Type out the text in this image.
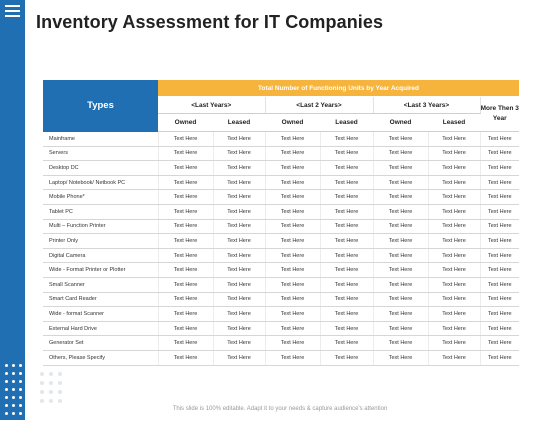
Inventory Assessment for IT Companies
Types	Total Number of Functioning Units by Year Acquired						
	<Last Years>		<Last 2 Years>		<Last 3 Years>		More Then 3 Year
	Owned	Leased	Owned	Leased	Owned	Leased	
Mainframe	Text Here	Text Here	Text Here	Text Here	Text Here	Text Here	Text Here
Servers	Text Here	Text Here	Text Here	Text Here	Text Here	Text Here	Text Here
Desktop DC	Text Here	Text Here	Text Here	Text Here	Text Here	Text Here	Text Here
Laptop/ Notebook/ Netbook PC	Text Here	Text Here	Text Here	Text Here	Text Here	Text Here	Text Here
Mobile Phone*	Text Here	Text Here	Text Here	Text Here	Text Here	Text Here	Text Here
Tablet PC	Text Here	Text Here	Text Here	Text Here	Text Here	Text Here	Text Here
Multi – Function Printer	Text Here	Text Here	Text Here	Text Here	Text Here	Text Here	Text Here
Printer Only	Text Here	Text Here	Text Here	Text Here	Text Here	Text Here	Text Here
Digital Camera	Text Here	Text Here	Text Here	Text Here	Text Here	Text Here	Text Here
Wide - Format Printer or Plotter	Text Here	Text Here	Text Here	Text Here	Text Here	Text Here	Text Here
Small Scanner	Text Here	Text Here	Text Here	Text Here	Text Here	Text Here	Text Here
Smart Card Reader	Text Here	Text Here	Text Here	Text Here	Text Here	Text Here	Text Here
Wide - format Scanner	Text Here	Text Here	Text Here	Text Here	Text Here	Text Here	Text Here
External Hard Drive	Text Here	Text Here	Text Here	Text Here	Text Here	Text Here	Text Here
Generator Set	Text Here	Text Here	Text Here	Text Here	Text Here	Text Here	Text Here
Others, Please Specify	Text Here	Text Here	Text Here	Text Here	Text Here	Text Here	Text Here
This slide is 100% editable. Adapt it to your needs & capture audience's attention
